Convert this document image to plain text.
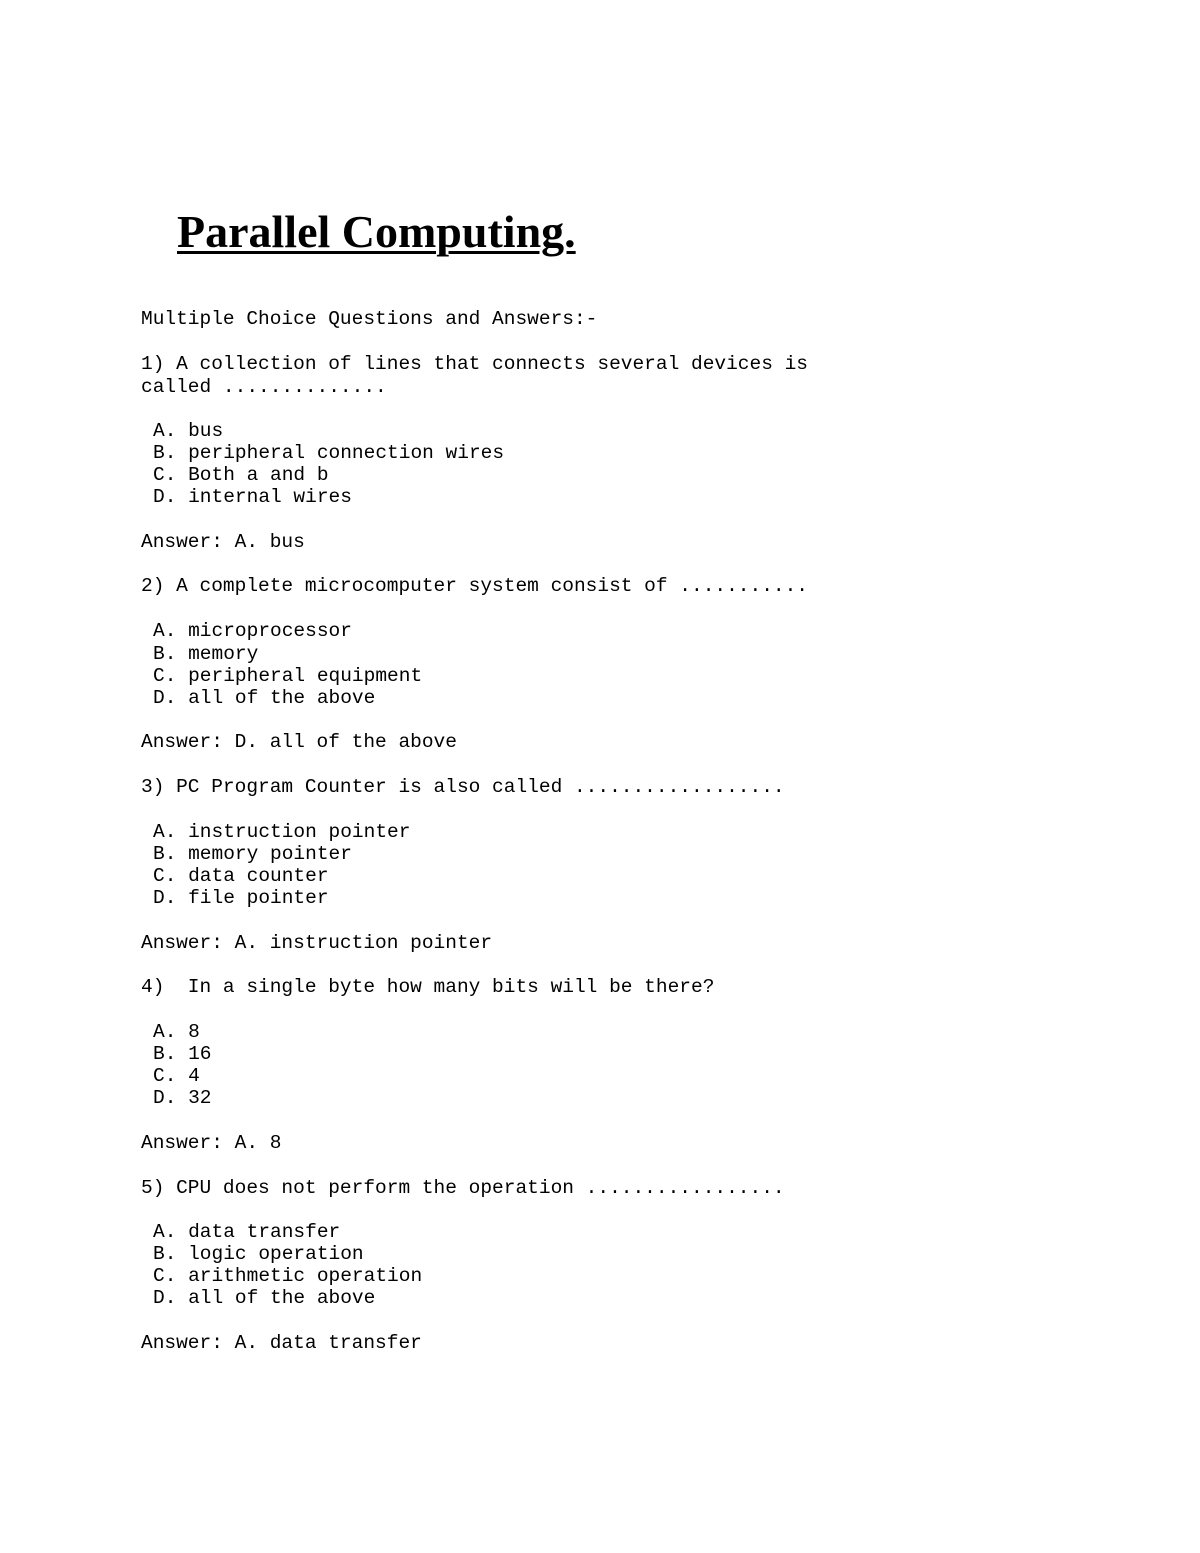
Parallel Computing.
Multiple Choice Questions and Answers:-
1) A collection of lines that connects several devices is
called ..............
A. bus
B. peripheral connection wires
C. Both a and b
D. internal wires
Answer: A. bus
2) A complete microcomputer system consist of ...........
A. microprocessor
B. memory
C. peripheral equipment
D. all of the above
Answer: D. all of the above
3) PC Program Counter is also called ..................
A. instruction pointer
B. memory pointer
C. data counter
D. file pointer
Answer: A. instruction pointer
4)  In a single byte how many bits will be there?
A. 8
B. 16
C. 4
D. 32
Answer: A. 8
5) CPU does not perform the operation .................
A. data transfer
B. logic operation
C. arithmetic operation
D. all of the above
Answer: A. data transfer
